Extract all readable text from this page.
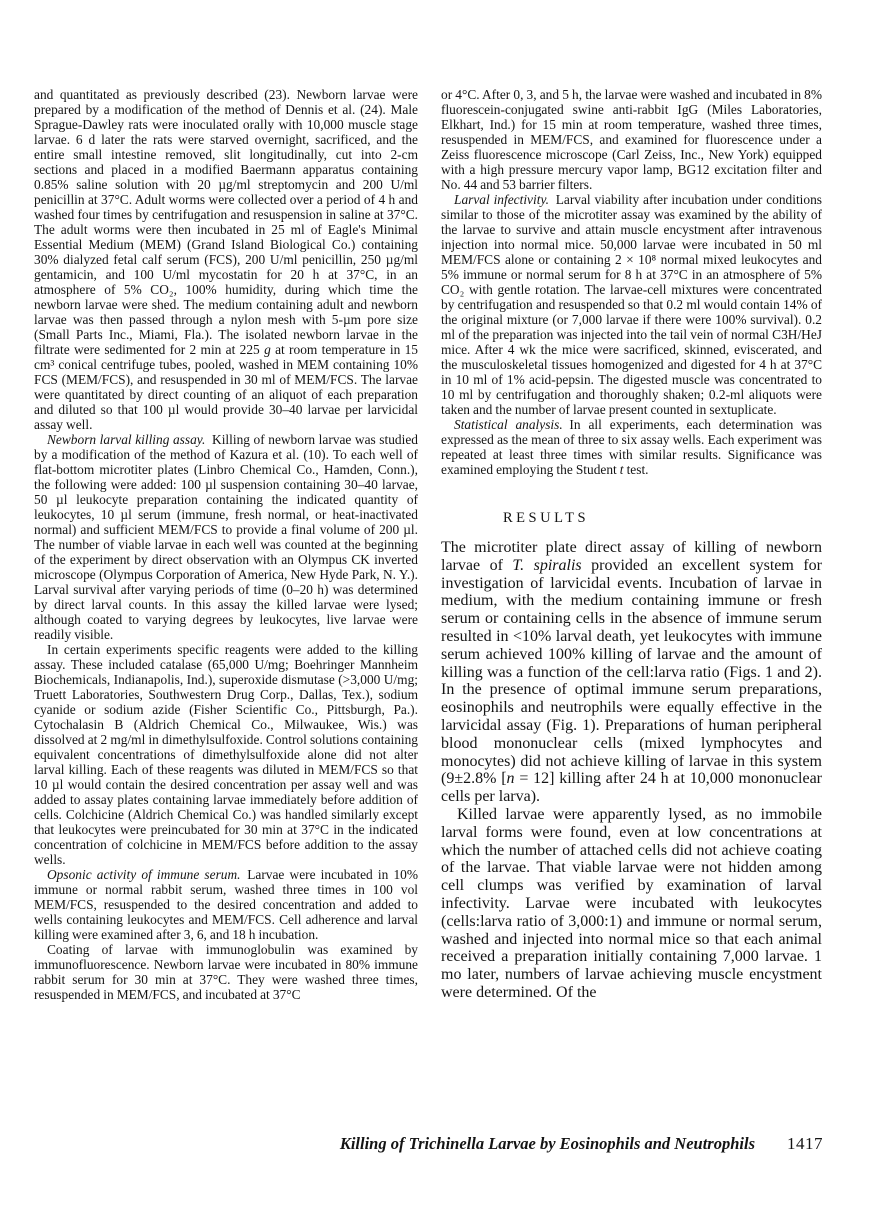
and quantitated as previously described (23). Newborn larvae were prepared by a modification of the method of Dennis et al. (24). Male Sprague-Dawley rats were inoculated orally with 10,000 muscle stage larvae. 6 d later the rats were starved overnight, sacrificed, and the entire small intestine removed, slit longitudinally, cut into 2-cm sections and placed in a modified Baermann apparatus containing 0.85% saline solution with 20 µg/ml streptomycin and 200 U/ml penicillin at 37°C. Adult worms were collected over a period of 4 h and washed four times by centrifugation and resuspension in saline at 37°C. The adult worms were then incubated in 25 ml of Eagle's Minimal Essential Medium (MEM) (Grand Island Biological Co.) containing 30% dialyzed fetal calf serum (FCS), 200 U/ml penicillin, 250 µg/ml gentamicin, and 100 U/ml mycostatin for 20 h at 37°C, in an atmosphere of 5% CO₂, 100% humidity, during which time the newborn larvae were shed. The medium containing adult and newborn larvae was then passed through a nylon mesh with 5-µm pore size (Small Parts Inc., Miami, Fla.). The isolated newborn larvae in the filtrate were sedimented for 2 min at 225 g at room temperature in 15 cm³ conical centrifuge tubes, pooled, washed in MEM containing 10% FCS (MEM/FCS), and resuspended in 30 ml of MEM/FCS. The larvae were quantitated by direct counting of an aliquot of each preparation and diluted so that 100 µl would provide 30–40 larvae per larvicidal assay well.

Newborn larval killing assay. Killing of newborn larvae was studied by a modification of the method of Kazura et al. (10). To each well of flat-bottom microtiter plates (Linbro Chemical Co., Hamden, Conn.), the following were added: 100 µl suspension containing 30–40 larvae, 50 µl leukocyte preparation containing the indicated quantity of leukocytes, 10 µl serum (immune, fresh normal, or heat-inactivated normal) and sufficient MEM/FCS to provide a final volume of 200 µl. The number of viable larvae in each well was counted at the beginning of the experiment by direct observation with an Olympus CK inverted microscope (Olympus Corporation of America, New Hyde Park, N. Y.). Larval survival after varying periods of time (0–20 h) was determined by direct larval counts. In this assay the killed larvae were lysed; although coated to varying degrees by leukocytes, live larvae were readily visible.

In certain experiments specific reagents were added to the killing assay. These included catalase (65,000 U/mg; Boehringer Mannheim Biochemicals, Indianapolis, Ind.), superoxide dismutase (>3,000 U/mg; Truett Laboratories, Southwestern Drug Corp., Dallas, Tex.), sodium cyanide or sodium azide (Fisher Scientific Co., Pittsburgh, Pa.). Cytochalasin B (Aldrich Chemical Co., Milwaukee, Wis.) was dissolved at 2 mg/ml in dimethylsulfoxide. Control solutions containing equivalent concentrations of dimethylsulfoxide alone did not alter larval killing. Each of these reagents was diluted in MEM/FCS so that 10 µl would contain the desired concentration per assay well and was added to assay plates containing larvae immediately before addition of cells. Colchicine (Aldrich Chemical Co.) was handled similarly except that leukocytes were preincubated for 30 min at 37°C in the indicated concentration of colchicine in MEM/FCS before addition to the assay wells.

Opsonic activity of immune serum. Larvae were incubated in 10% immune or normal rabbit serum, washed three times in 100 vol MEM/FCS, resuspended to the desired concentration and added to wells containing leukocytes and MEM/FCS. Cell adherence and larval killing were examined after 3, 6, and 18 h incubation.

Coating of larvae with immunoglobulin was examined by immunofluorescence. Newborn larvae were incubated in 80% immune rabbit serum for 30 min at 37°C. They were washed three times, resuspended in MEM/FCS, and incubated at 37°C

or 4°C. After 0, 3, and 5 h, the larvae were washed and incubated in 8% fluorescein-conjugated swine anti-rabbit IgG (Miles Laboratories, Elkhart, Ind.) for 15 min at room temperature, washed three times, resuspended in MEM/FCS, and examined for fluorescence under a Zeiss fluorescence microscope (Carl Zeiss, Inc., New York) equipped with a high pressure mercury vapor lamp, BG12 excitation filter and No. 44 and 53 barrier filters.

Larval infectivity. Larval viability after incubation under conditions similar to those of the microtiter assay was examined by the ability of the larvae to survive and attain muscle encystment after intravenous injection into normal mice. 50,000 larvae were incubated in 50 ml MEM/FCS alone or containing 2 × 10⁸ normal mixed leukocytes and 5% immune or normal serum for 8 h at 37°C in an atmosphere of 5% CO₂ with gentle rotation. The larvae-cell mixtures were concentrated by centrifugation and resuspended so that 0.2 ml would contain 14% of the original mixture (or 7,000 larvae if there were 100% survival). 0.2 ml of the preparation was injected into the tail vein of normal C3H/HeJ mice. After 4 wk the mice were sacrificed, skinned, eviscerated, and the musculoskeletal tissues homogenized and digested for 4 h at 37°C in 10 ml of 1% acid-pepsin. The digested muscle was concentrated to 10 ml by centrifugation and thoroughly shaken; 0.2-ml aliquots were taken and the number of larvae present counted in sextuplicate.

Statistical analysis. In all experiments, each determination was expressed as the mean of three to six assay wells. Each experiment was repeated at least three times with similar results. Significance was examined employing the Student t test.

RESULTS

The microtiter plate direct assay of killing of newborn larvae of T. spiralis provided an excellent system for investigation of larvicidal events. Incubation of larvae in medium, with the medium containing immune or fresh serum or containing cells in the absence of immune serum resulted in <10% larval death, yet leukocytes with immune serum achieved 100% killing of larvae and the amount of killing was a function of the cell:larva ratio (Figs. 1 and 2). In the presence of optimal immune serum preparations, eosinophils and neutrophils were equally effective in the larvicidal assay (Fig. 1). Preparations of human peripheral blood mononuclear cells (mixed lymphocytes and monocytes) did not achieve killing of larvae in this system (9±2.8% [n = 12] killing after 24 h at 10,000 mononuclear cells per larva).

Killed larvae were apparently lysed, as no immobile larval forms were found, even at low concentrations at which the number of attached cells did not achieve coating of the larvae. That viable larvae were not hidden among cell clumps was verified by examination of larval infectivity. Larvae were incubated with leukocytes (cells:larva ratio of 3,000:1) and immune or normal serum, washed and injected into normal mice so that each animal received a preparation initially containing 7,000 larvae. 1 mo later, numbers of larvae achieving muscle encystment were determined. Of the

Killing of Trichinella Larvae by Eosinophils and Neutrophils 1417
